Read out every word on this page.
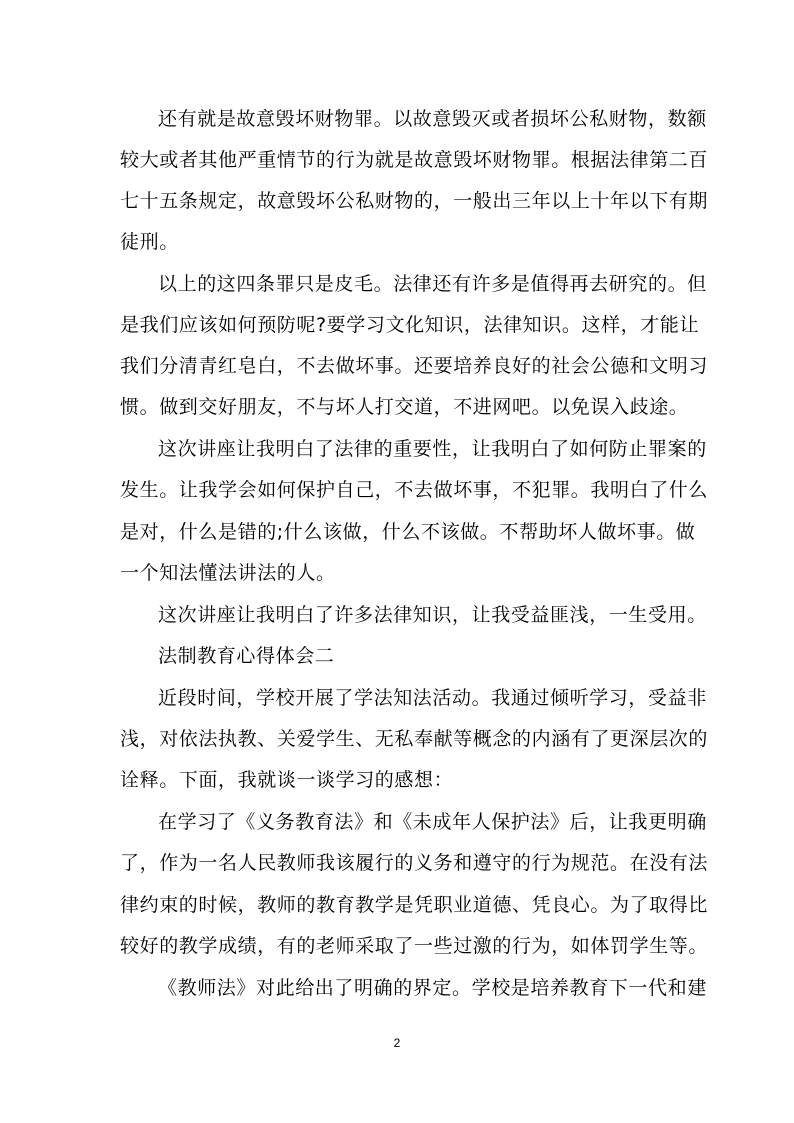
还有就是故意毁坏财物罪。以故意毁灭或者损坏公私财物，数额
较大或者其他严重情节的行为就是故意毁坏财物罪。根据法律第二百
七十五条规定，故意毁坏公私财物的，一般出三年以上十年以下有期
徒刑。
以上的这四条罪只是皮毛。法律还有许多是值得再去研究的。但
是我们应该如何预防呢?要学习文化知识，法律知识。这样，才能让
我们分清青红皂白，不去做坏事。还要培养良好的社会公德和文明习
惯。做到交好朋友，不与坏人打交道，不进网吧。以免误入歧途。
这次讲座让我明白了法律的重要性，让我明白了如何防止罪案的
发生。让我学会如何保护自己，不去做坏事，不犯罪。我明白了什么
是对，什么是错的;什么该做，什么不该做。不帮助坏人做坏事。做
一个知法懂法讲法的人。
这次讲座让我明白了许多法律知识，让我受益匪浅，一生受用。
法制教育心得体会二
近段时间，学校开展了学法知法活动。我通过倾听学习，受益非
浅，对依法执教、关爱学生、无私奉献等概念的内涵有了更深层次的
诠释。下面，我就谈一谈学习的感想：
在学习了《义务教育法》和《未成年人保护法》后，让我更明确
了，作为一名人民教师我该履行的义务和遵守的行为规范。在没有法
律约束的时候，教师的教育教学是凭职业道德、凭良心。为了取得比
较好的教学成绩，有的老师采取了一些过激的行为，如体罚学生等。
《教师法》对此给出了明确的界定。学校是培养教育下一代和建
2
